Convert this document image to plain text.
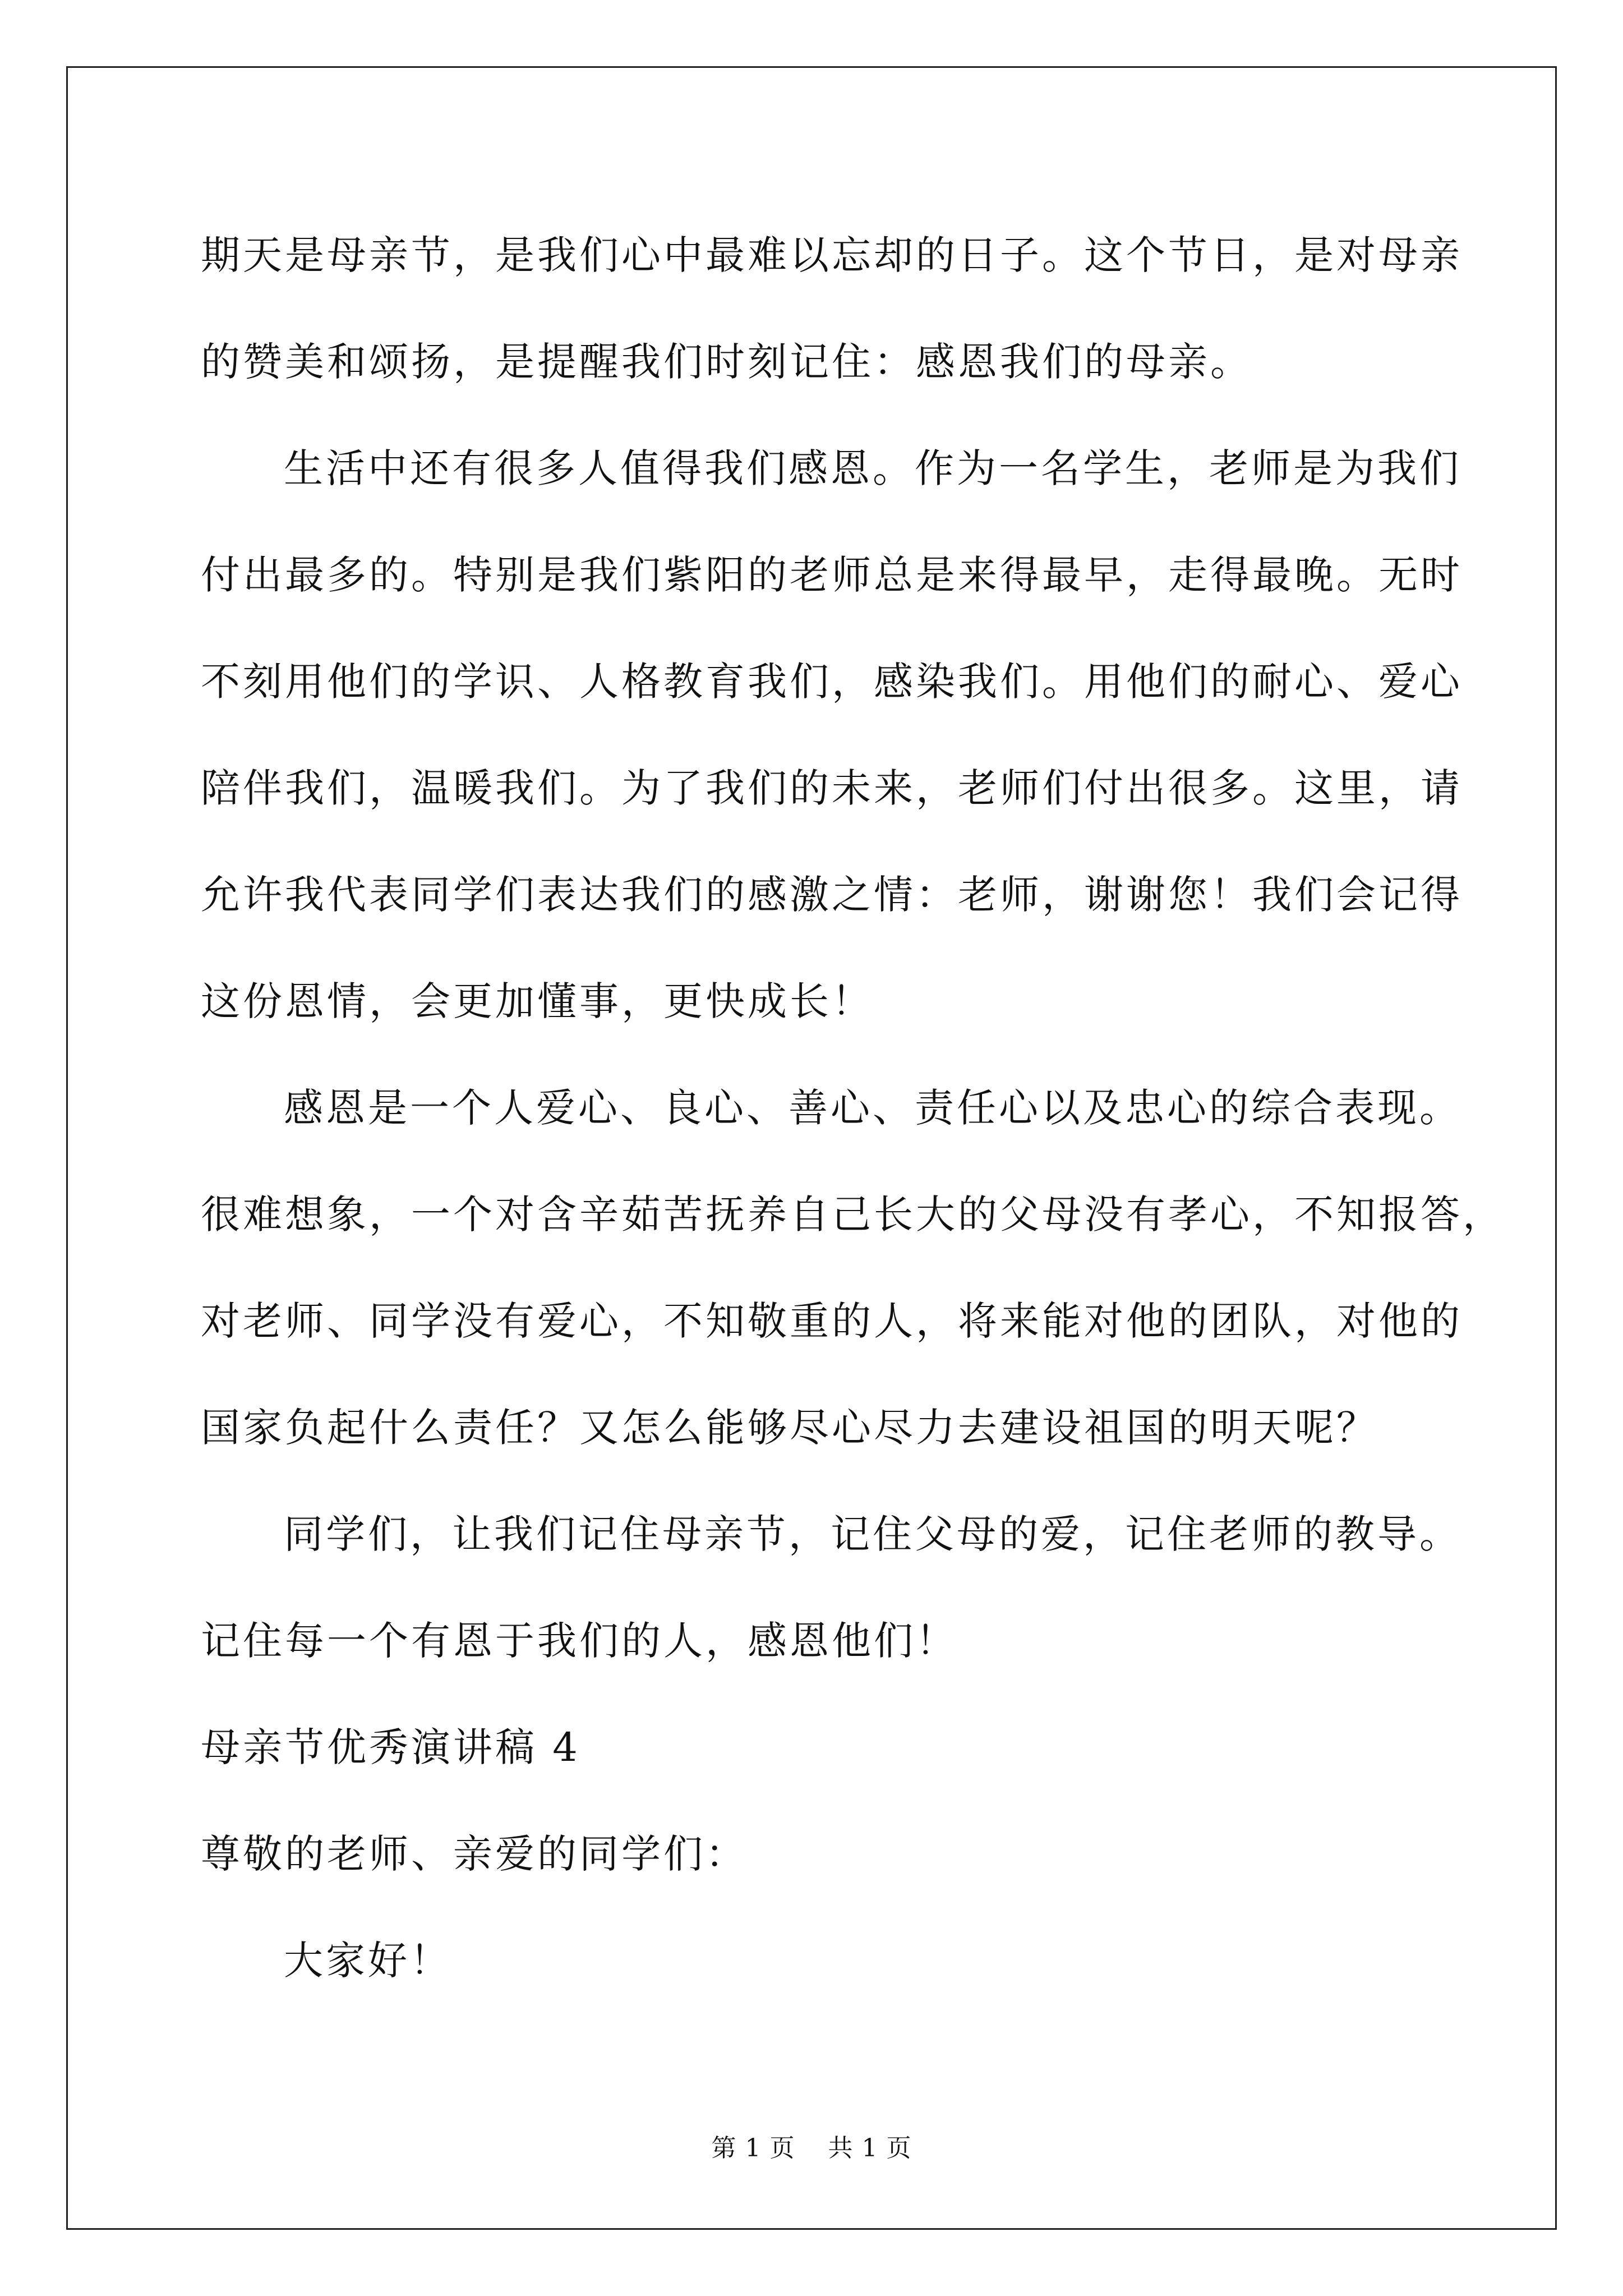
期天是母亲节，是我们心中最难以忘却的日子。这个节日，是对母亲
的赞美和颂扬，是提醒我们时刻记住：感恩我们的母亲。
生活中还有很多人值得我们感恩。作为一名学生，老师是为我们
付出最多的。特别是我们紫阳的老师总是来得最早，走得最晚。无时
不刻用他们的学识、人格教育我们，感染我们。用他们的耐心、爱心
陪伴我们，温暖我们。为了我们的未来，老师们付出很多。这里，请
允许我代表同学们表达我们的感激之情：老师，谢谢您！我们会记得
这份恩情，会更加懂事，更快成长！
感恩是一个人爱心、良心、善心、责任心以及忠心的综合表现。
很难想象，一个对含辛茹苦抚养自己长大的父母没有孝心，不知报答，
对老师、同学没有爱心，不知敬重的人，将来能对他的团队，对他的
国家负起什么责任？又怎么能够尽心尽力去建设祖国的明天呢？
同学们，让我们记住母亲节，记住父母的爱，记住老师的教导。
记住每一个有恩于我们的人，感恩他们！
母亲节优秀演讲稿 4
尊敬的老师、亲爱的同学们：
大家好！
第 1 页 共 1 页
